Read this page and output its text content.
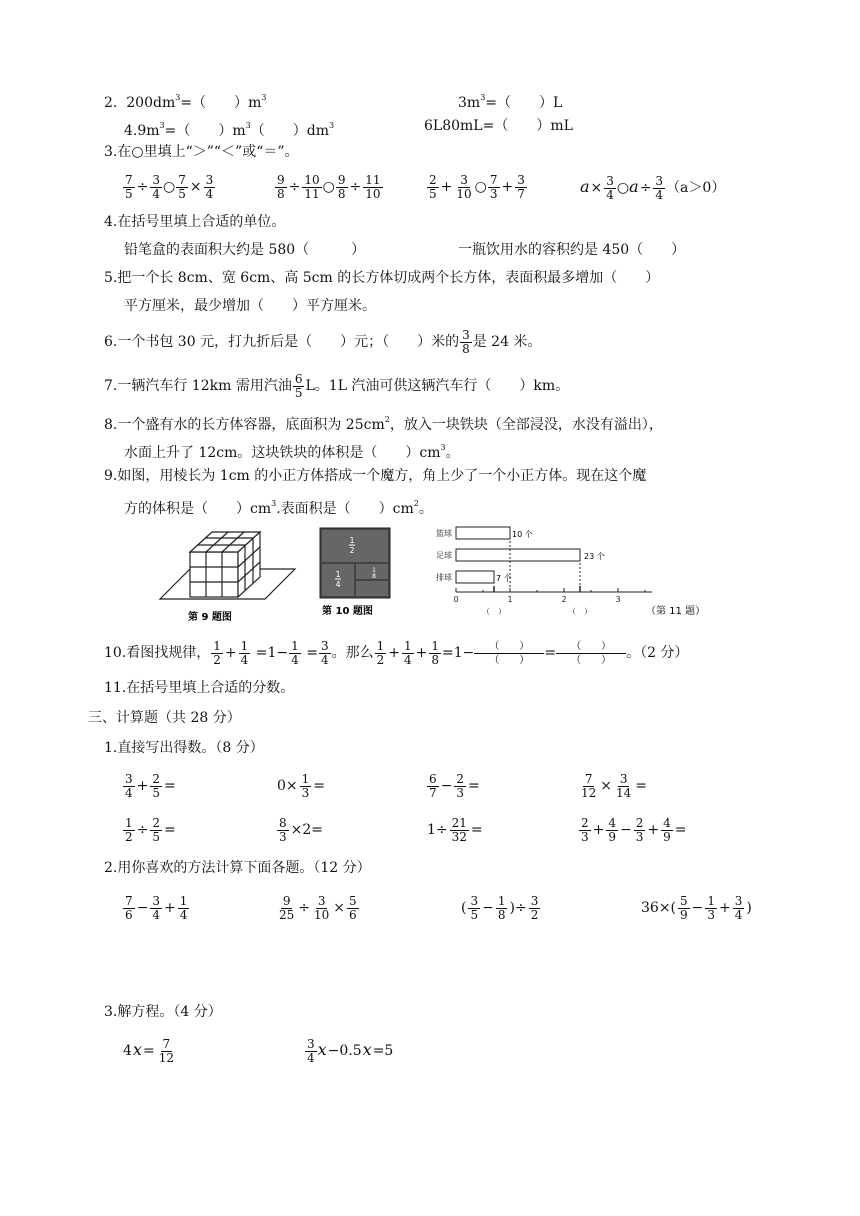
2. $200dm^3=$（　　）$m^3$	$3m^3=$（　　）L
$4.9m^3=$（　　）$m^3$（　　）$dm^3$	6L80mL=（　　）mL
3.在○里填上“＞”“＜”或“＝”。
$\frac{7}{5} \div \frac{3}{4}$ ○ $\frac{7}{5} \times \frac{3}{4}$	$\frac{9}{8} \div \frac{10}{11}$ ○ $\frac{9}{8} \div \frac{11}{10}$	$\frac{2}{5} + \frac{3}{10}$ ○ $\frac{7}{3} + \frac{3}{7}$	$a\times \frac{3}{4}$ ○a÷ $\frac{3}{4} (a>0)$
4.在括号里填上合适的单位。
铅笔盒的表面积大约是 580（　　　）	一瓶饮用水的容积约是 450（　　）
5.把一个长 8cm、宽 6cm、高 5cm 的长方体切成两个长方体，表面积最多增加（　　）
平方厘米，最少增加（　　）平方厘米。
6.一个书包 30 元，打九折后是（　　）元；（　　）米的 $\frac{3}{8}$ 是 24 米。
7.一辆汽车行 12km 需用汽油 $\frac{6}{5}$ L。1L 汽油可供这辆汽车行（　　）km。
8.一个盛有水的长方体容器，底面积为 $25cm^2$，放入一块铁块（全部浸没，水没有溢出），
水面上升了 12cm。这块铁块的体积是（　　）$cm^3$。
9.如图，用棱长为 1cm 的小正方体搭成一个魔方，角上少了一个小正方体。现在这个魔
方的体积是（　　）$cm^3$.表面积是（　　）$cm^2$。
第 9 题图
1
2
1
4
1
8
第 10 题图
篮球
足球
排球
10 个
23 个
7 个
0	1	2	3
（　）	（　）	（第 11 题）
10.看图找规律， $\frac{1}{2} + \frac{1}{4} =1- \frac{1}{4} = \frac{3}{4}$ 。那么 $\frac{1}{2} + \frac{1}{4} + \frac{1}{8} =1-$	（　　）
（　　） =	（　　）
（　　） 。（2 分）
11.在括号里填上合适的分数。
三、计算题（共 28 分）
1.直接写出得数。（8 分）
$\frac{3}{4} + \frac{2}{5}$ =	$0\times \frac{1}{3}$ =	$\frac{6}{7} - \frac{2}{3}$ =	$\frac{7}{12} \times \frac{3}{14}$ =
$\frac{1}{2} \div \frac{2}{5}$ =	$\frac{8}{3} \times 2=$	$1\div \frac{21}{32}$ =	$\frac{2}{3} + \frac{4}{9} - \frac{2}{3} + \frac{4}{9}$ =
2.用你喜欢的方法计算下面各题。（12 分）
$\frac{7}{6} - \frac{3}{4} + \frac{1}{4}$	$\frac{9}{25} \div \frac{3}{10} \times \frac{5}{6}$	( $\frac{3}{5} - \frac{1}{8}$ )÷ $\frac{3}{2}$	$36\times( \frac{5}{9} - \frac{1}{3} + \frac{3}{4}$ )
3.解方程。（4 分）
$4x= \frac{7}{12}$	$\frac{3}{4} x-0.5x=5$
